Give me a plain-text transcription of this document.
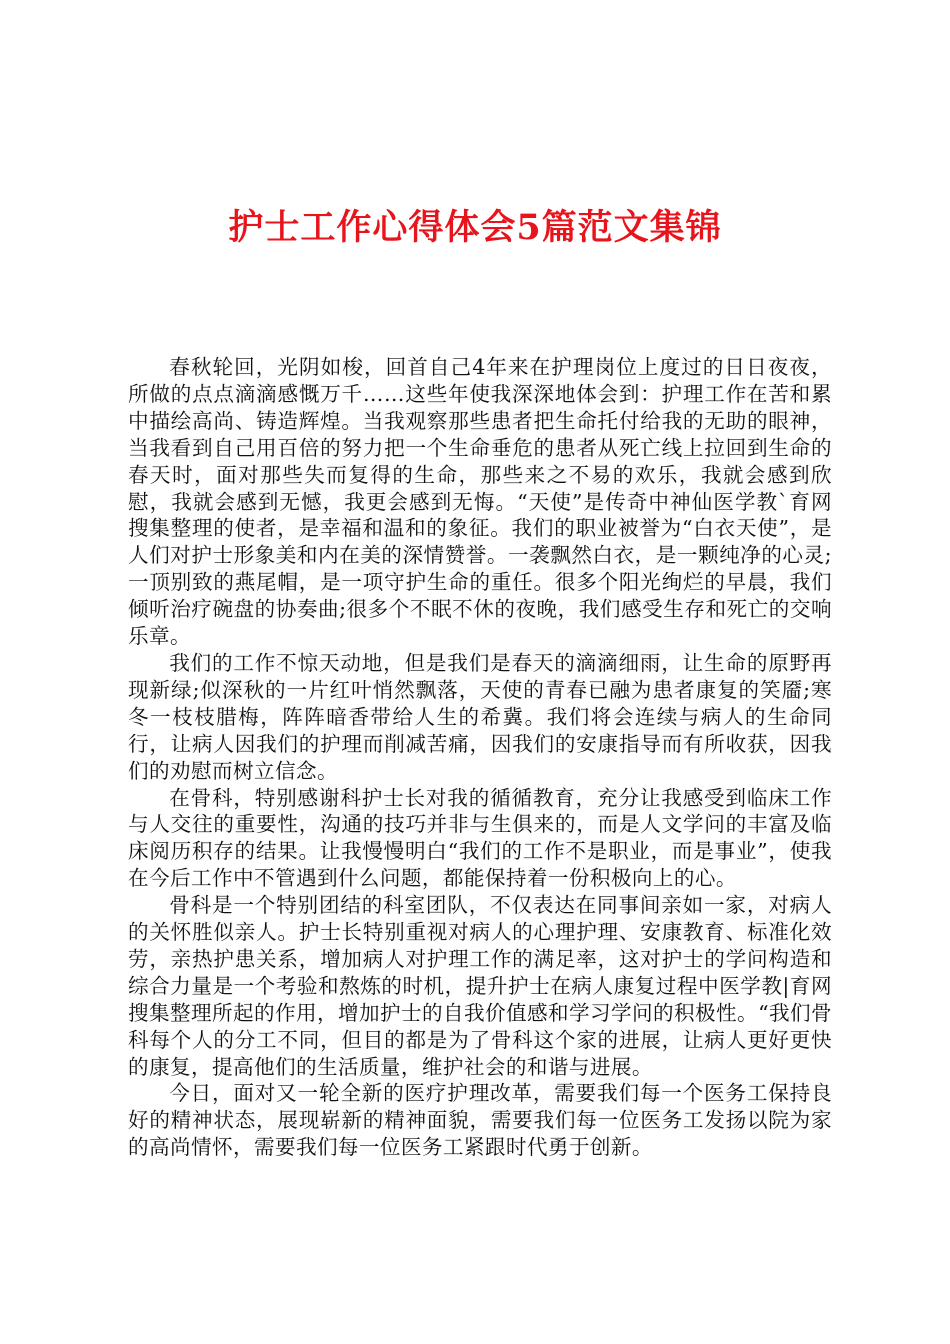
护士工作心得体会5篇范文集锦

春秋轮回，光阴如梭，回首自己4年来在护理岗位上度过的日日夜夜，所做的点点滴滴感慨万千……这些年使我深深地体会到：护理工作在苦和累中描绘高尚、铸造辉煌。当我观察那些患者把生命托付给我的无助的眼神，当我看到自己用百倍的努力把一个生命垂危的患者从死亡线上拉回到生命的春天时，面对那些失而复得的生命，那些来之不易的欢乐，我就会感到欣慰，我就会感到无憾，我更会感到无悔。“天使”是传奇中神仙医学教`育网搜集整理的使者，是幸福和温和的象征。我们的职业被誉为“白衣天使”，是人们对护士形象美和内在美的深情赞誉。一袭飘然白衣，是一颗纯净的心灵;一顶别致的燕尾帽，是一项守护生命的重任。很多个阳光绚烂的早晨，我们倾听治疗碗盘的协奏曲;很多个不眠不休的夜晚，我们感受生存和死亡的交响乐章。

我们的工作不惊天动地，但是我们是春天的滴滴细雨，让生命的原野再现新绿;似深秋的一片红叶悄然飘落，天使的青春已融为患者康复的笑靥;寒冬一枝枝腊梅，阵阵暗香带给人生的希冀。我们将会连续与病人的生命同行，让病人因我们的护理而削减苦痛，因我们的安康指导而有所收获，因我们的劝慰而树立信念。

在骨科，特别感谢科护士长对我的循循教育，充分让我感受到临床工作与人交往的重要性，沟通的技巧并非与生俱来的，而是人文学问的丰富及临床阅历积存的结果。让我慢慢明白“我们的工作不是职业，而是事业”，使我在今后工作中不管遇到什么问题，都能保持着一份积极向上的心。

骨科是一个特别团结的科室团队，不仅表达在同事间亲如一家，对病人的关怀胜似亲人。护士长特别重视对病人的心理护理、安康教育、标准化效劳，亲热护患关系，增加病人对护理工作的满足率，这对护士的学问构造和综合力量是一个考验和熬炼的时机，提升护士在病人康复过程中医学教|育网搜集整理所起的作用，增加护士的自我价值感和学习学问的积极性。“我们骨科每个人的分工不同，但目的都是为了骨科这个家的进展，让病人更好更快的康复，提高他们的生活质量，维护社会的和谐与进展。

今日，面对又一轮全新的医疗护理改革，需要我们每一个医务工保持良好的精神状态，展现崭新的精神面貌，需要我们每一位医务工发扬以院为家的高尚情怀，需要我们每一位医务工紧跟时代勇于创新。
